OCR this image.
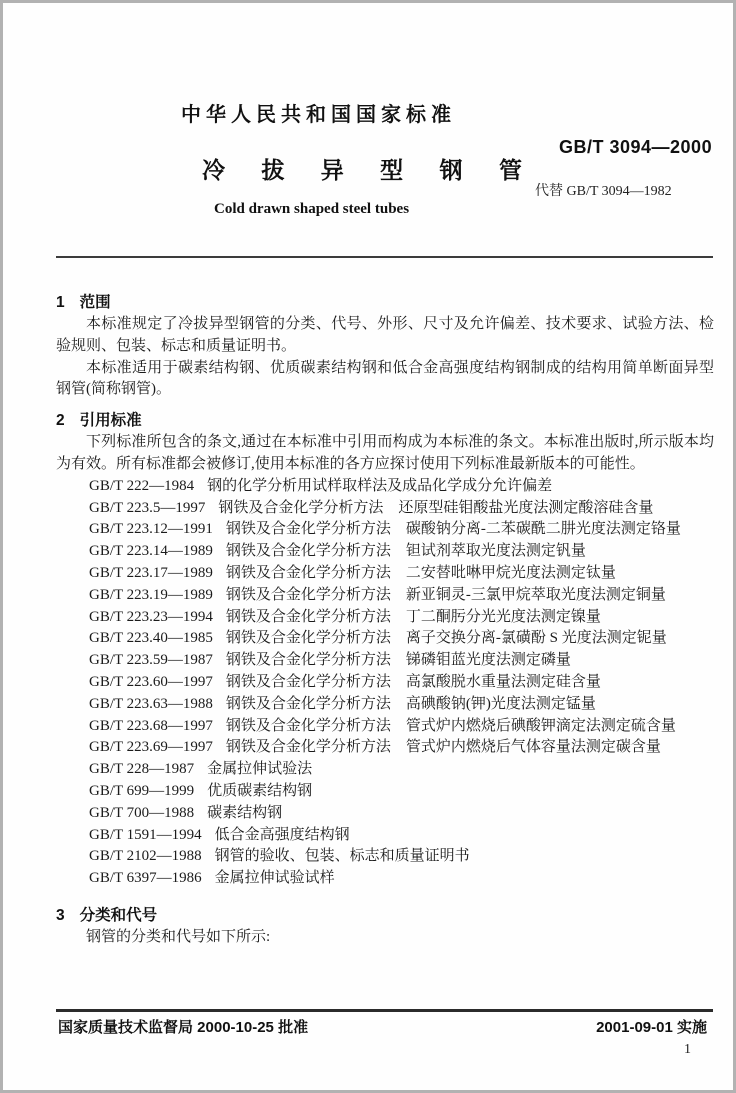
中华人民共和国国家标准
GB/T 3094—2000
冷 拔 异 型 钢 管
代替 GB/T 3094—1982
Cold drawn shaped steel tubes
1 范围

本标准规定了冷拔异型钢管的分类、代号、外形、尺寸及允许偏差、技术要求、试验方法、检验规则、包装、标志和质量证明书。

本标准适用于碳素结构钢、优质碳素结构钢和低合金高强度结构钢制成的结构用简单断面异型钢管(简称钢管)。

2 引用标准

下列标准所包含的条文,通过在本标准中引用而构成为本标准的条文。本标准出版时,所示版本均为有效。所有标准都会被修订,使用本标准的各方应探讨使用下列标准最新版本的可能性。

GB/T 222—1984 钢的化学分析用试样取样法及成品化学成分允许偏差
GB/T 223.5—1997 钢铁及合金化学分析方法　还原型硅钼酸盐光度法测定酸溶硅含量
GB/T 223.12—1991 钢铁及合金化学分析方法　碳酸钠分离-二苯碳酰二肼光度法测定铬量
GB/T 223.14—1989 钢铁及合金化学分析方法　钽试剂萃取光度法测定钒量
GB/T 223.17—1989 钢铁及合金化学分析方法　二安替吡啉甲烷光度法测定钛量
GB/T 223.19—1989 钢铁及合金化学分析方法　新亚铜灵-三氯甲烷萃取光度法测定铜量
GB/T 223.23—1994 钢铁及合金化学分析方法　丁二酮肟分光光度法测定镍量
GB/T 223.40—1985 钢铁及合金化学分析方法　离子交换分离-氯磺酚 S 光度法测定铌量
GB/T 223.59—1987 钢铁及合金化学分析方法　锑磷钼蓝光度法测定磷量
GB/T 223.60—1997 钢铁及合金化学分析方法　高氯酸脱水重量法测定硅含量
GB/T 223.63—1988 钢铁及合金化学分析方法　高碘酸钠(钾)光度法测定锰量
GB/T 223.68—1997 钢铁及合金化学分析方法　管式炉内燃烧后碘酸钾滴定法测定硫含量
GB/T 223.69—1997 钢铁及合金化学分析方法　管式炉内燃烧后气体容量法测定碳含量
GB/T 228—1987 金属拉伸试验法
GB/T 699—1999 优质碳素结构钢
GB/T 700—1988 碳素结构钢
GB/T 1591—1994 低合金高强度结构钢
GB/T 2102—1988 钢管的验收、包装、标志和质量证明书
GB/T 6397—1986 金属拉伸试验试样
3 分类和代号

钢管的分类和代号如下所示:

国家质量技术监督局 2000-10-25 批准	2001-09-01 实施
1
